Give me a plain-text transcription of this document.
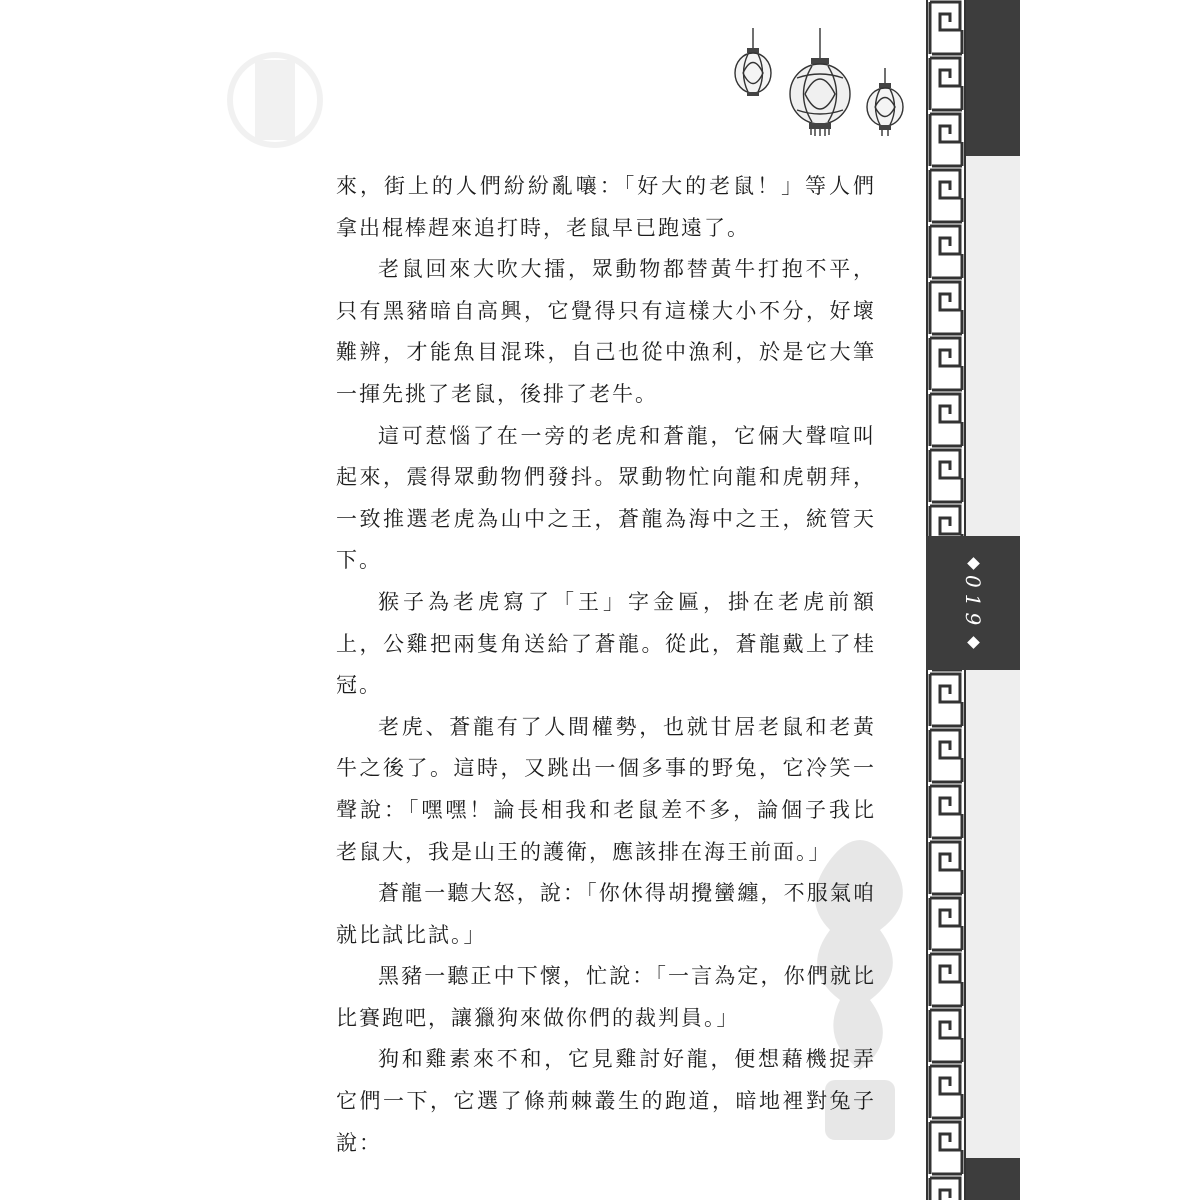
來，街上的人們紛紛亂嚷：「好大的老鼠！」等人們拿出棍棒趕來追打時，老鼠早已跑遠了。

老鼠回來大吹大擂，眾動物都替黃牛打抱不平，只有黑豬暗自高興，它覺得只有這樣大小不分，好壞難辨，才能魚目混珠，自己也從中漁利，於是它大筆一揮先挑了老鼠，後排了老牛。

這可惹惱了在一旁的老虎和蒼龍，它倆大聲喧叫起來，震得眾動物們發抖。眾動物忙向龍和虎朝拜，一致推選老虎為山中之王，蒼龍為海中之王，統管天下。

猴子為老虎寫了「王」字金匾，掛在老虎前額上，公雞把兩隻角送給了蒼龍。從此，蒼龍戴上了桂冠。

老虎、蒼龍有了人間權勢，也就甘居老鼠和老黃牛之後了。這時，又跳出一個多事的野兔，它冷笑一聲說：「嘿嘿！論長相我和老鼠差不多，論個子我比老鼠大，我是山王的護衛，應該排在海王前面。」

蒼龍一聽大怒，說：「你休得胡攪蠻纏，不服氣咱就比試比試。」

黑豬一聽正中下懷，忙說：「一言為定，你們就比比賽跑吧，讓獵狗來做你們的裁判員。」

狗和雞素來不和，它見雞討好龍，便想藉機捉弄它們一下，它選了條荊棘叢生的跑道，暗地裡對兔子說：

019
